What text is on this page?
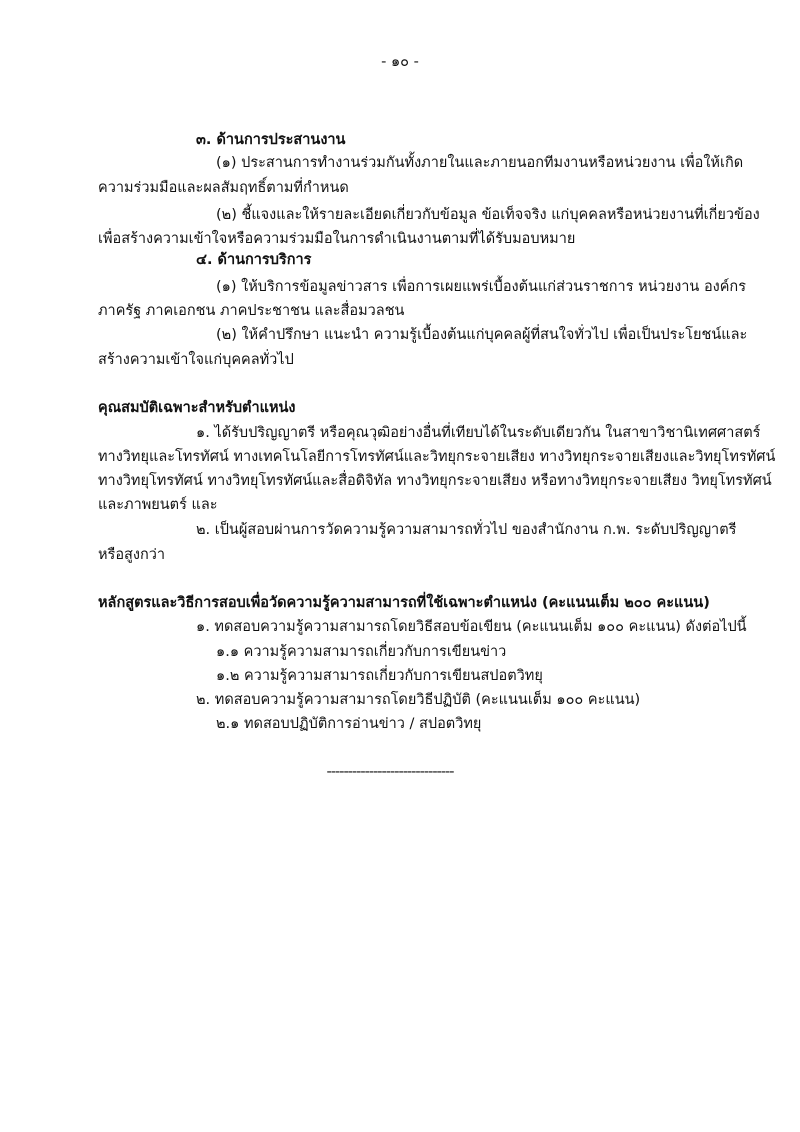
- ๑๐ -
๓. ด้านการประสานงาน
(๑) ประสานการทำงานร่วมกันทั้งภายในและภายนอกทีมงานหรือหน่วยงาน เพื่อให้เกิด
ความร่วมมือและผลสัมฤทธิ์ตามที่กำหนด
(๒) ชี้แจงและให้รายละเอียดเกี่ยวกับข้อมูล ข้อเท็จจริง แก่บุคคลหรือหน่วยงานที่เกี่ยวข้อง
เพื่อสร้างความเข้าใจหรือความร่วมมือในการดำเนินงานตามที่ได้รับมอบหมาย
๔. ด้านการบริการ
(๑) ให้บริการข้อมูลข่าวสาร เพื่อการเผยแพร่เบื้องต้นแก่ส่วนราชการ หน่วยงาน องค์กร
ภาครัฐ ภาคเอกชน ภาคประชาชน และสื่อมวลชน
(๒) ให้คำปรึกษา แนะนำ ความรู้เบื้องต้นแก่บุคคลผู้ที่สนใจทั่วไป เพื่อเป็นประโยชน์และ
สร้างความเข้าใจแก่บุคคลทั่วไป
คุณสมบัติเฉพาะสำหรับตำแหน่ง
๑. ได้รับปริญญาตรี หรือคุณวุฒิอย่างอื่นที่เทียบได้ในระดับเดียวกัน ในสาขาวิชานิเทศศาสตร์
ทางวิทยุและโทรทัศน์ ทางเทคโนโลยีการโทรทัศน์และวิทยุกระจายเสียง ทางวิทยุกระจายเสียงและวิทยุโทรทัศน์
ทางวิทยุโทรทัศน์ ทางวิทยุโทรทัศน์และสื่อดิจิทัล ทางวิทยุกระจายเสียง หรือทางวิทยุกระจายเสียง วิทยุโทรทัศน์
และภาพยนตร์ และ
๒. เป็นผู้สอบผ่านการวัดความรู้ความสามารถทั่วไป ของสำนักงาน ก.พ. ระดับปริญญาตรี
หรือสูงกว่า
หลักสูตรและวิธีการสอบเพื่อวัดความรู้ความสามารถที่ใช้เฉพาะตำแหน่ง (คะแนนเต็ม ๒๐๐ คะแนน)
๑. ทดสอบความรู้ความสามารถโดยวิธีสอบข้อเขียน (คะแนนเต็ม ๑๐๐ คะแนน) ดังต่อไปนี้
๑.๑ ความรู้ความสามารถเกี่ยวกับการเขียนข่าว
๑.๒ ความรู้ความสามารถเกี่ยวกับการเขียนสปอตวิทยุ
๒. ทดสอบความรู้ความสามารถโดยวิธีปฏิบัติ (คะแนนเต็ม ๑๐๐ คะแนน)
๒.๑ ทดสอบปฏิบัติการอ่านข่าว / สปอตวิทยุ
------------------------------
